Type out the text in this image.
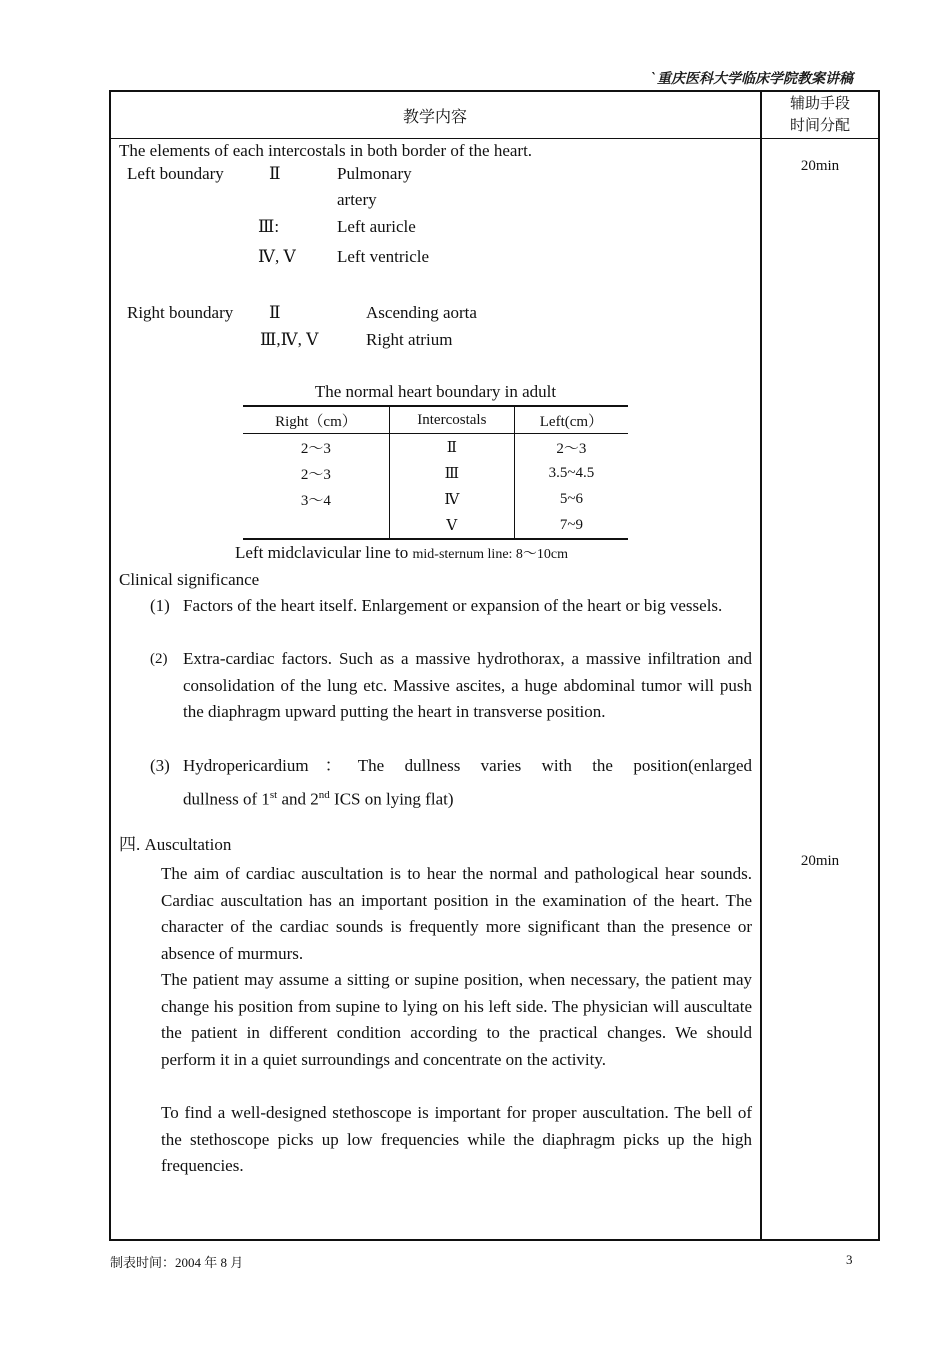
`重庆医科大学临床学院教案讲稿
教学内容
辅助手段
时间分配
20min
20min
The elements of each intercostals in both border of the heart.
Left boundary	Ⅱ	Pulmonary
artery
Ⅲ:	Left auricle
Ⅳ, Ⅴ Left ventricle
Right boundary Ⅱ	Ascending aorta
Ⅲ,Ⅳ, Ⅴ	Right atrium
The normal heart boundary in adult
Right（cm）	Intercostals	Left(cm）
2～3	Ⅱ	2～3
2～3	Ⅲ	3.5~4.5
3～4	Ⅳ	5~6
	Ⅴ	7~9
Left midclavicular line to mid-sternum line: 8～10cm
Clinical significance
(1) Factors of the heart itself. Enlargement or expansion of the heart or big vessels.
(2) Extra-cardiac factors. Such as a massive hydrothorax, a massive infiltration and consolidation of the lung etc. Massive ascites, a huge abdominal tumor will push the diaphragm upward putting the heart in transverse position.
(3) Hydropericardium：The dullness varies with the position(enlarged
dullness of 1st and 2nd ICS on lying flat)
四. Auscultation
The aim of cardiac auscultation is to hear the normal and pathological hear sounds. Cardiac auscultation has an important position in the examination of the heart. The character of the cardiac sounds is frequently more significant than the presence or absence of murmurs.
The patient may assume a sitting or supine position, when necessary, the patient may change his position from supine to lying on his left side. The physician will auscultate the patient in different condition according to the practical changes. We should perform it in a quiet surroundings and concentrate on the activity.
To find a well-designed stethoscope is important for proper auscultation. The bell of the stethoscope picks up low frequencies while the diaphragm picks up the high frequencies.
制表时间：2004 年 8 月	3
